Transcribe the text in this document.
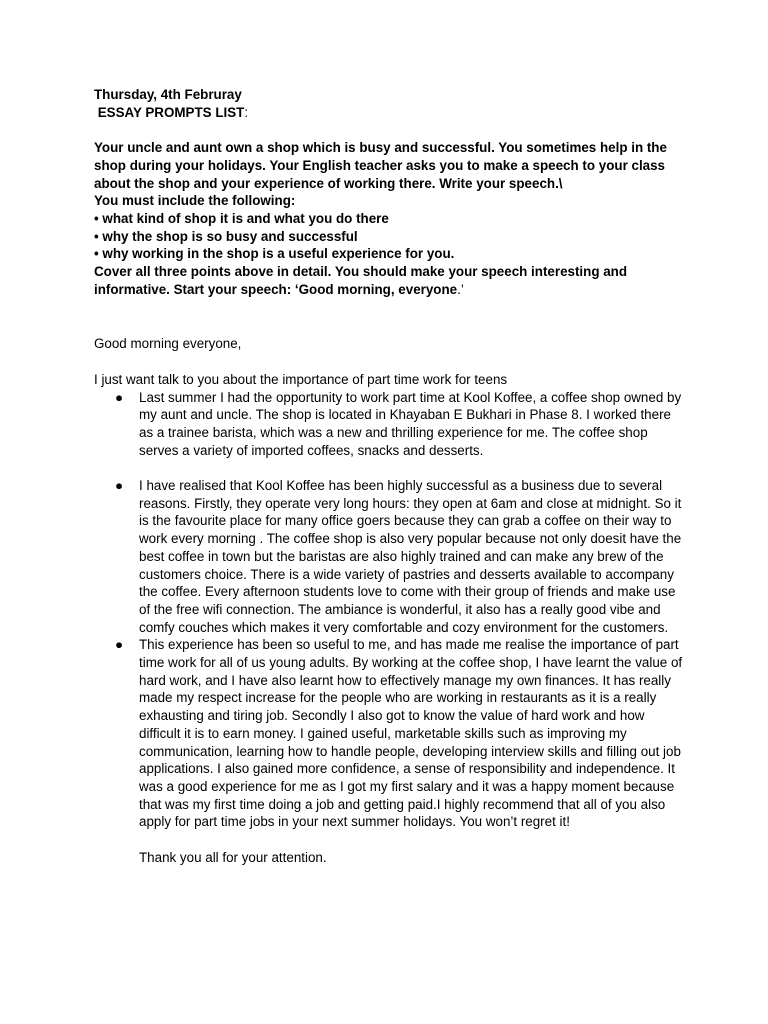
Thursday, 4th Februray

ESSAY PROMPTS LIST:

Your uncle and aunt own a shop which is busy and successful. You sometimes help in the shop during your holidays. Your English teacher asks you to make a speech to your class about the shop and your experience of working there. Write your speech.\
You must include the following:
• what kind of shop it is and what you do there
• why the shop is so busy and successful
• why working in the shop is a useful experience for you.
Cover all three points above in detail. You should make your speech interesting and informative. Start your speech: ‘Good morning, everyone.’

Good morning everyone,

I just want talk to you about the importance of part time work for teens

● Last summer I had the opportunity to work part time at Kool Koffee, a coffee shop owned by my aunt and uncle. The shop is located in Khayaban E Bukhari in Phase 8. I worked there as a trainee barista, which was a new and thrilling experience for me. The coffee shop serves a variety of imported coffees, snacks and desserts.
● I have realised that Kool Koffee has been highly successful as a business due to several reasons. Firstly, they operate very long hours: they open at 6am and close at midnight. So it is the favourite place for many office goers because they can grab a coffee on their way to work every morning . The coffee shop is also very popular because not only doesit have the best coffee in town but the baristas are also highly trained and can make any brew of the customers choice. There is a wide variety of pastries and desserts available to accompany the coffee. Every afternoon students love to come with their group of friends and make use of the free wifi connection. The ambiance is wonderful, it also has a really good vibe and comfy couches which makes it very comfortable and cozy environment for the customers.
● This experience has been so useful to me, and has made me realise the importance of part time work for all of us young adults. By working at the coffee shop, I have learnt the value of hard work, and I have also learnt how to effectively manage my own finances. It has really made my respect increase for the people who are working in restaurants as it is a really exhausting and tiring job. Secondly I also got to know the value of hard work and how difficult it is to earn money. I gained useful, marketable skills such as improving my communication, learning how to handle people, developing interview skills and filling out job applications. I also gained more confidence, a sense of responsibility and independence. It was a good experience for me as I got my first salary and it was a happy moment because that was my first time doing a job and getting paid.I highly recommend that all of you also apply for part time jobs in your next summer holidays. You won’t regret it!

Thank you all for your attention.
